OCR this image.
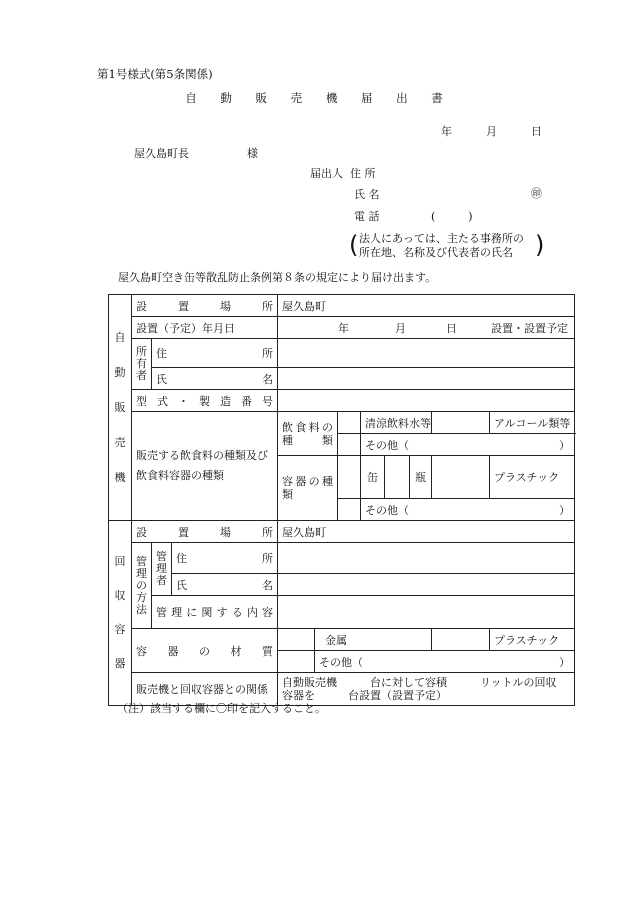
第1号様式(第5条関係)
自 動 販 売 機 届 出 書
年	月	日
屋久島町長	様
届出人 住 所
氏 名	㊞
電 話	(　　　)
( 法人にあっては、主たる事務所の
所在地、名称及び代表者の氏名 )
屋久島町空き缶等散乱防止条例第８条の規定により届け出ます。
自動販売機	設置場所			屋久島町								
	設置（予定）年月日			年 月 日 設置・設置予定								
	所有者	住所										
		氏名										
	型式・製造番号											
	販売する飲食料の種類及び飲食料容器の種類			飲食料の種類			清涼飲料水等				アルコール類等	
							その他（ ）					

				容器の種類			缶		瓶		プラスチック	

							その他（ ）					

回収容器	設置場所			屋久島町								
	管理の方法	管理者	住所									
			氏名									
		管理に関する内容										
	容器の材質				金属						プラスチック	
					その他（ ）							

	販売機と回収容器との関係			自動販売機　　　台に対して容積　　　リットルの回収
容器を　　　台設置（設置予定）								
（注）該当する欄に〇印を記入すること。
